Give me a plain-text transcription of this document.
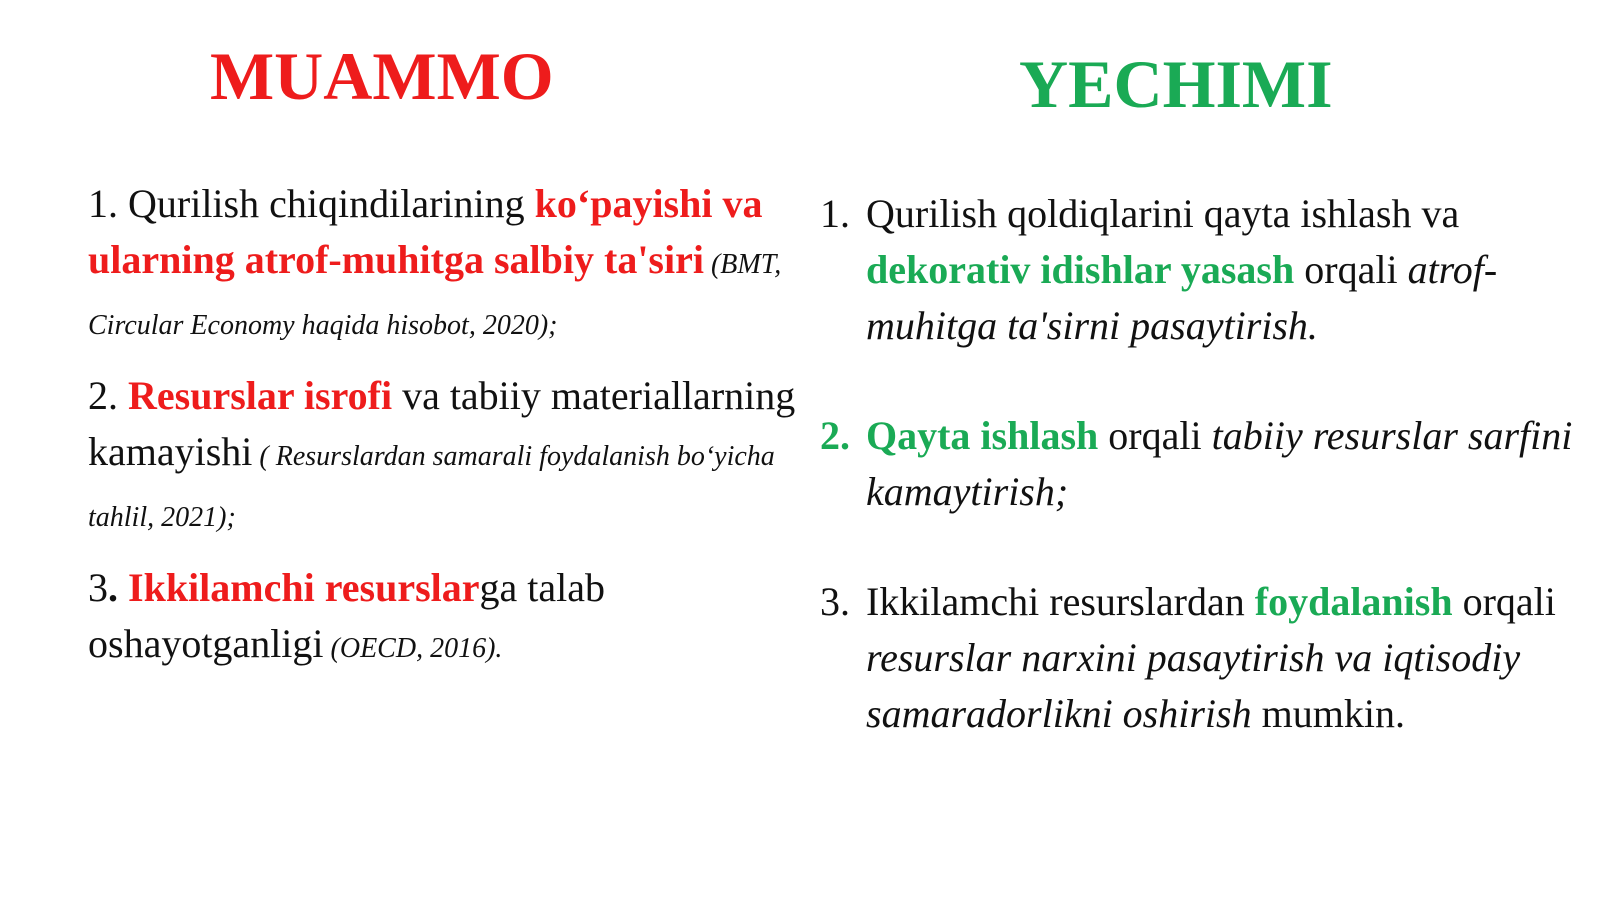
MUAMMO	YECHIMI

1. Qurilish chiqindilarining ko‘payishi va ularning atrof-muhitga salbiy ta'siri (BMT, Circular Economy haqida hisobot, 2020);

2. Resurslar isrofi va tabiiy materiallarning kamayishi ( Resurslardan samarali foydalanish bo‘yicha tahlil, 2021);

3. Ikkilamchi resurslarga talab oshayotganligi (OECD, 2016).

1. Qurilish qoldiqlarini qayta ishlash va dekorativ idishlar yasash orqali atrof-muhitga ta'sirni pasaytirish.
2. Qayta ishlash orqali tabiiy resurslar sarfini kamaytirish;
3. Ikkilamchi resurslardan foydalanish orqali resurslar narxini pasaytirish va iqtisodiy samaradorlikni oshirish mumkin.
